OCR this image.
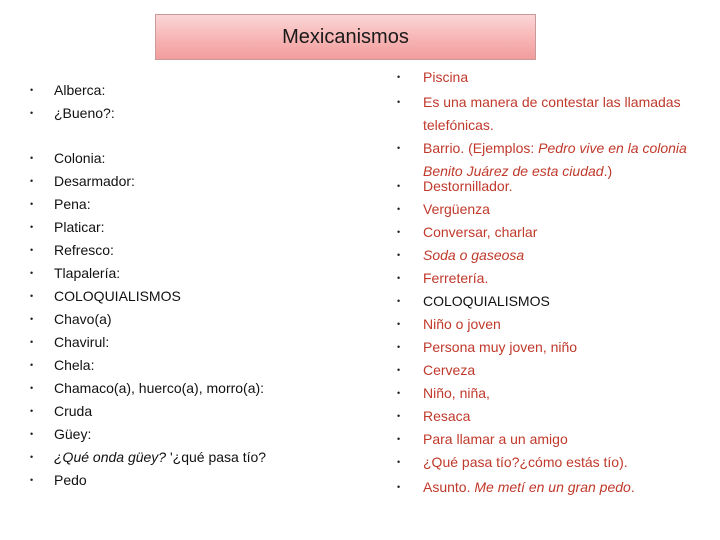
Mexicanismos
• Alberca:
• ¿Bueno?:
• Colonia:
• Desarmador:
• Pena:
• Platicar:
• Refresco:
• Tlapalería:
• COLOQUIALISMOS
• Chavo(a)
• Chavirul:
• Chela:
• Chamaco(a), huerco(a), morro(a):
• Cruda
• Güey:
• ¿Qué onda güey? '¿qué pasa tío?
• Pedo
• Piscina
• Es una manera de contestar las llamadas telefónicas.
• Barrio. (Ejemplos: Pedro vive en la colonia Benito Juárez de esta ciudad.)
• Destornillador.
• Vergüenza
• Conversar, charlar
• Soda o gaseosa
• Ferretería.
• COLOQUIALISMOS
• Niño o joven
• Persona muy joven, niño
• Cerveza
• Niño, niña,
• Resaca
• Para llamar a un amigo
• ¿Qué pasa tío?¿cómo estás tío).
• Asunto. Me metí en un gran pedo.
